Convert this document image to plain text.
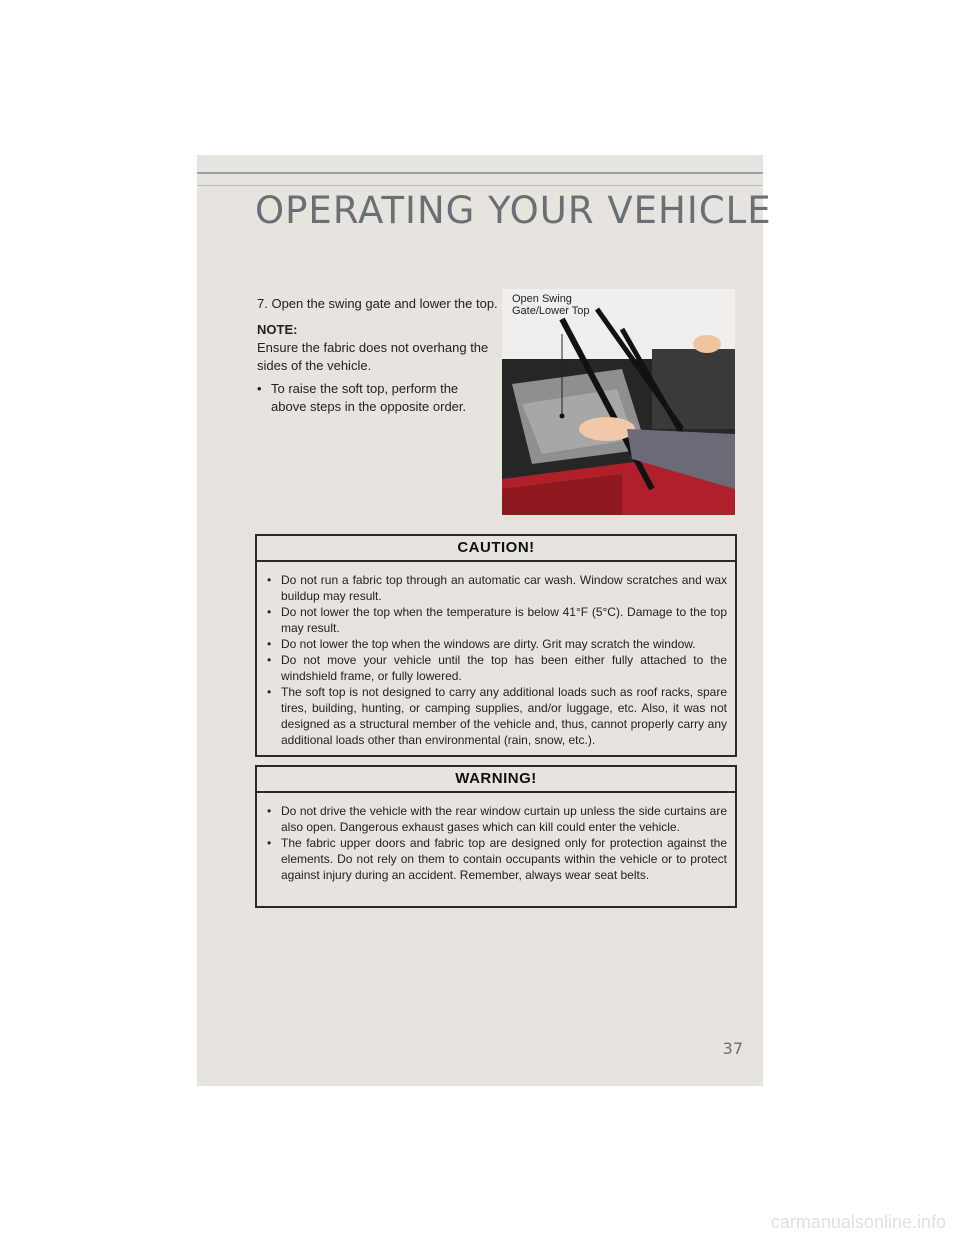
OPERATING YOUR VEHICLE
7. Open the swing gate and lower the top.
NOTE:
Ensure the fabric does not overhang the sides of the vehicle.
• To raise the soft top, perform the
above steps in the opposite order.
Open Swing
Gate/Lower Top
CAUTION!
• Do not run a fabric top through an automatic car wash. Window scratches and wax buildup may result.
• Do not lower the top when the temperature is below 41°F (5°C). Damage to the top may result.
• Do not lower the top when the windows are dirty. Grit may scratch the window.
• Do not move your vehicle until the top has been either fully attached to the windshield frame, or fully lowered.
• The soft top is not designed to carry any additional loads such as roof racks, spare tires, building, hunting, or camping supplies, and/or luggage, etc. Also, it was not designed as a structural member of the vehicle and, thus, cannot properly carry any additional loads other than environmental (rain, snow, etc.).
WARNING!
• Do not drive the vehicle with the rear window curtain up unless the side curtains are also open. Dangerous exhaust gases which can kill could enter the vehicle.
• The fabric upper doors and fabric top are designed only for protection against the elements. Do not rely on them to contain occupants within the vehicle or to protect against injury during an accident. Remember, always wear seat belts.
37
carmanualsonline.info
